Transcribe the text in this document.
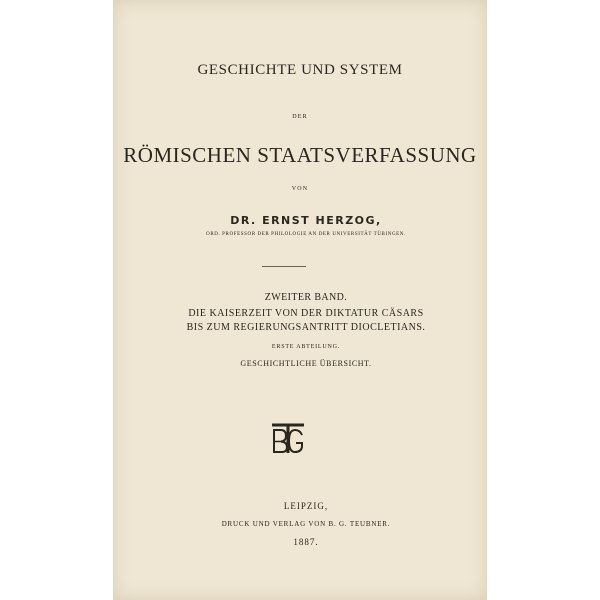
GESCHICHTE UND SYSTEM
DER
RÖMISCHEN STAATSVERFASSUNG
VON
DR. ERNST HERZOG,
ORD. PROFESSOR DER PHILOLOGIE AN DER UNIVERSITÄT TÜBINGEN.
ZWEITER BAND.
DIE KAISERZEIT VON DER DIKTATUR CÄSARS
BIS ZUM REGIERUNGSANTRITT DIOCLETIANS.
ERSTE ABTEILUNG.
GESCHICHTLICHE ÜBERSICHT.
LEIPZIG,
DRUCK UND VERLAG VON B. G. TEUBNER.
1887.
